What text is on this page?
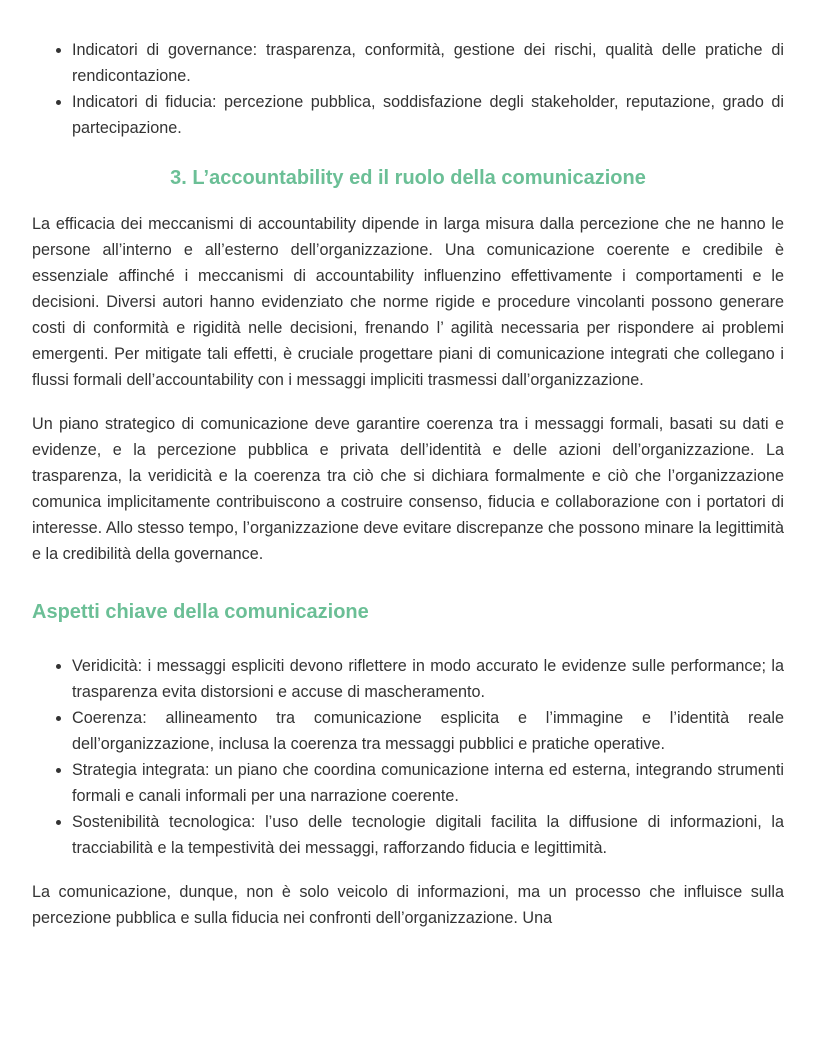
• Indicatori di governance: trasparenza, conformità, gestione dei rischi, qualità delle pratiche di rendicontazione.
• Indicatori di fiducia: percezione pubblica, soddisfazione degli stakeholder, reputazione, grado di partecipazione.
3. L’accountability ed il ruolo della comunicazione

La efficacia dei meccanismi di accountability dipende in larga misura dalla percezione che ne hanno le persone all’interno e all’esterno dell’organizzazione. Una comunicazione coerente e credibile è essenziale affinché i meccanismi di accountability influenzino effettivamente i comportamenti e le decisioni. Diversi autori hanno evidenziato che norme rigide e procedure vincolanti possono generare costi di conformità e rigidità nelle decisioni, frenando l’ agilità necessaria per rispondere ai problemi emergenti. Per mitigate tali effetti, è cruciale progettare piani di comunicazione integrati che collegano i flussi formali dell’accountability con i messaggi impliciti trasmessi dall’organizzazione.

Un piano strategico di comunicazione deve garantire coerenza tra i messaggi formali, basati su dati e evidenze, e la percezione pubblica e privata dell’identità e delle azioni dell’organizzazione. La trasparenza, la veridicità e la coerenza tra ciò che si dichiara formalmente e ciò che l’organizzazione comunica implicitamente contribuiscono a costruire consenso, fiducia e collaborazione con i portatori di interesse. Allo stesso tempo, l’organizzazione deve evitare discrepanze che possono minare la legittimità e la credibilità della governance.

Aspetti chiave della comunicazione
• Veridicità: i messaggi espliciti devono riflettere in modo accurato le evidenze sulle performance; la trasparenza evita distorsioni e accuse di mascheramento.
• Coerenza: allineamento tra comunicazione esplicita e l’immagine e l’identità reale dell’organizzazione, inclusa la coerenza tra messaggi pubblici e pratiche operative.
• Strategia integrata: un piano che coordina comunicazione interna ed esterna, integrando strumenti formali e canali informali per una narrazione coerente.
• Sostenibilità tecnologica: l’uso delle tecnologie digitali facilita la diffusione di informazioni, la tracciabilità e la tempestività dei messaggi, rafforzando fiducia e legittimità.

La comunicazione, dunque, non è solo veicolo di informazioni, ma un processo che influisce sulla percezione pubblica e sulla fiducia nei confronti dell’organizzazione. Una
